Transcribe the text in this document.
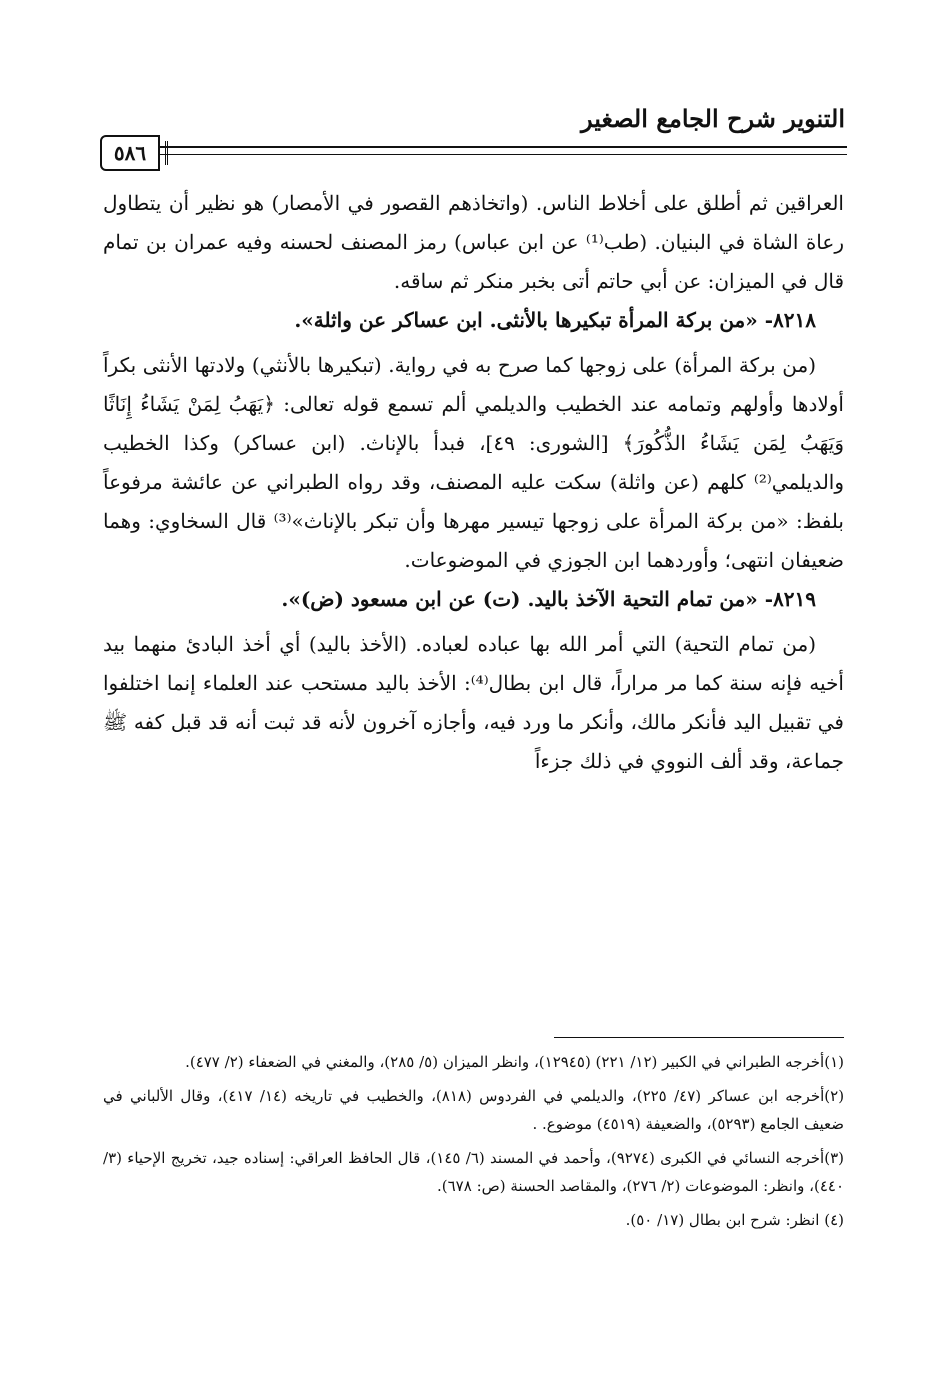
التنوير شرح الجامع الصغير
٥٨٦

العراقين ثم أطلق على أخلاط الناس. (واتخاذهم القصور في الأمصار) هو نظير أن يتطاول رعاة الشاة في البنيان. (طب⁽¹⁾ عن ابن عباس) رمز المصنف لحسنه وفيه عمران بن تمام قال في الميزان: عن أبي حاتم أتى بخبر منكر ثم ساقه.

٨٢١٨- «من بركة المرأة تبكيرها بالأنثى. ابن عساكر عن واثلة».

(من بركة المرأة) على زوجها كما صرح به في رواية. (تبكيرها بالأنثي) ولادتها الأنثى بكراً أولادها وأولهم وتمامه عند الخطيب والديلمي ألم تسمع قوله تعالى: ﴿يَهَبُ لِمَنْ يَشَاءُ إِنَاثًا وَيَهَبُ لِمَن يَشَاءُ الذُّكُورَ﴾ [الشورى: ٤٩]، فبدأ بالإناث. (ابن عساكر) وكذا الخطيب والديلمي⁽²⁾ كلهم (عن واثلة) سكت عليه المصنف، وقد رواه الطبراني عن عائشة مرفوعاً بلفظ: «من بركة المرأة على زوجها تيسير مهرها وأن تبكر بالإناث»⁽³⁾ قال السخاوي: وهما ضعيفان انتهى؛ وأوردهما ابن الجوزي في الموضوعات.

٨٢١٩- «من تمام التحية الآخذ باليد. (ت) عن ابن مسعود (ض)».

(من تمام التحية) التي أمر الله بها عباده لعباده. (الأخذ باليد) أي أخذ البادئ منهما بيد أخيه فإنه سنة كما مر مراراً، قال ابن بطال⁽⁴⁾: الأخذ باليد مستحب عند العلماء إنما اختلفوا في تقبيل اليد فأنكر مالك، وأنكر ما ورد فيه، وأجازه آخرون لأنه قد ثبت أنه قد قبل كفه ﷺ جماعة، وقد ألف النووي في ذلك جزءاً

(١)أخرجه الطبراني في الكبير (١٢/ ٢٢١) (١٢٩٤٥)، وانظر الميزان (٥/ ٢٨٥)، والمغني في الضعفاء (٢/ ٤٧٧).

(٢)أخرجه ابن عساكر (٤٧/ ٢٢٥)، والديلمي في الفردوس (٨١٨)، والخطيب في تاريخه (١٤/ ٤١٧)، وقال الألباني في ضعيف الجامع (٥٢٩٣)، والضعيفة (٤٥١٩) موضوع. .

(٣)أخرجه النسائي في الكبرى (٩٢٧٤)، وأحمد في المسند (٦/ ١٤٥)، قال الحافظ العراقي: إسناده جيد، تخريج الإحياء (٣/ ٤٤٠)، وانظر: الموضوعات (٢/ ٢٧٦)، والمقاصد الحسنة (ص: ٦٧٨).

(٤) انظر: شرح ابن بطال (١٧/ ٥٠).
